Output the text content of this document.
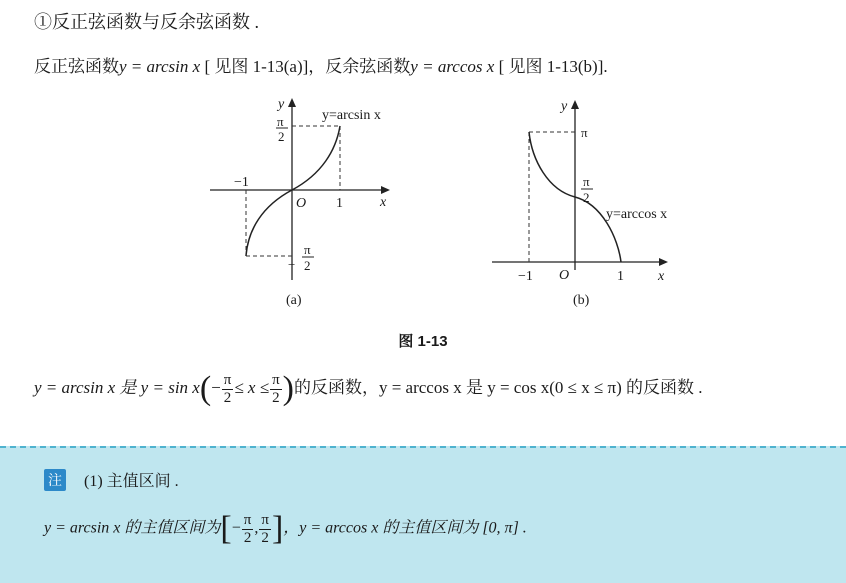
①反正弦函数与反余弦函数 .
反正弦函数y = arcsin x [ 见图 1-13(a)]，反余弦函数y = arccos x [ 见图 1-13(b)].
y
x
O
π
2
−
π
2
−1
1
y=arcsin x
(a)
y
x
O
π
π
2
−1	1
y=arccos x
(b)
图 1-13
y = arcsin x 是 $y = \sin x(- \frac{\pi}{2} \le x \le \frac{\pi}{2}$ )的反函数，y = arccos x 是 y = cos x(0 ≤ x ≤ π) 的反函数 .
注 (1) 主值区间 .
y = arcsin x 的主值区间为[− $\frac{\pi}{2}$ , $\frac{\pi}{2}$ ]，y = arccos x 的主值区间为 [0, π] .
